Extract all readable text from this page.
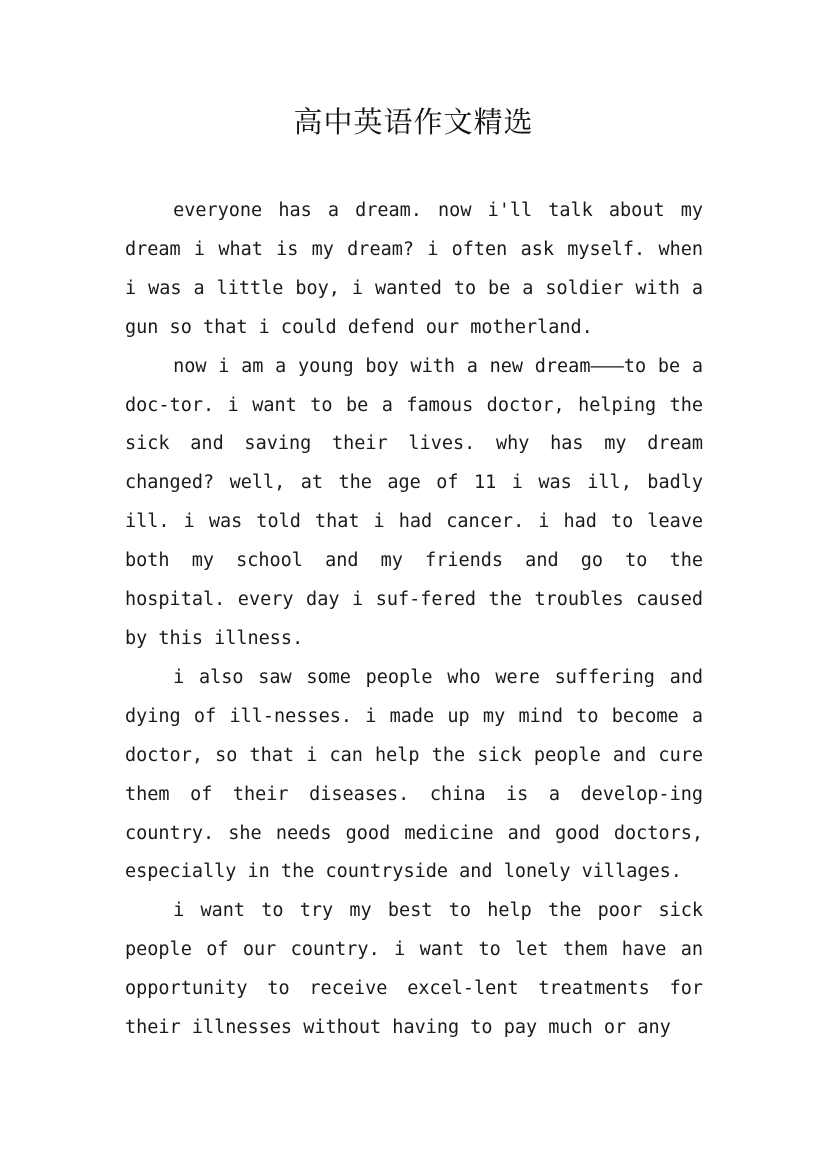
高中英语作文精选

everyone has a dream. now i'll talk about my dream i what is my dream? i often ask myself. when i was a little boy, i wanted to be a soldier with a gun so that i could defend our motherland.

now i am a young boy with a new dream———to be a doc-tor. i want to be a famous doctor, helping the sick and saving their lives. why has my dream changed? well, at the age of 11 i was ill, badly ill. i was told that i had cancer. i had to leave both my school and my friends and go to the hospital. every day i suf-fered the troubles caused by this illness.

i also saw some people who were suffering and dying of ill-nesses. i made up my mind to become a doctor, so that i can help the sick people and cure them of their diseases. china is a develop-ing country. she needs good medicine and good doctors, especially in the countryside and lonely villages.

i want to try my best to help the poor sick people of our country. i want to let them have an opportunity to receive excel-lent treatments for their illnesses without having to pay much or any
